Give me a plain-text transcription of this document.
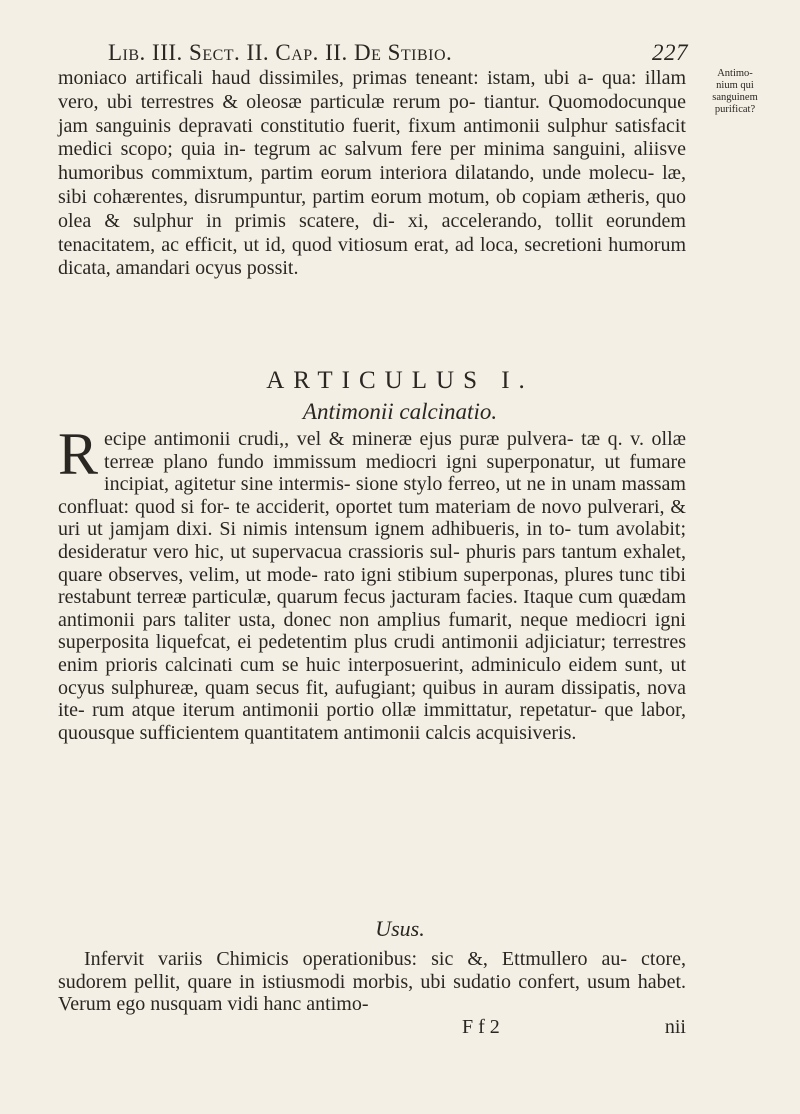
Lib. III. Sect. II. Cap. II. De Stibio.	227

moniaco artificali haud dissimiles, primas teneant: istam, ubi a- qua: illam vero, ubi terrestres & oleosæ particulæ rerum po- tiantur. Quomodocunque jam sanguinis depravati constitutio fuerit, fixum antimonii sulphur satisfacit medici scopo; quia in- tegrum ac salvum fere per minima sanguini, aliisve humoribus commixtum, partim eorum interiora dilatando, unde molecu- læ, sibi cohærentes, disrumpuntur, partim eorum motum, ob copiam ætheris, quo olea & sulphur in primis scatere, di- xi, accelerando, tollit eorundem tenacitatem, ac efficit, ut id, quod vitiosum erat, ad loca, secretioni humorum dicata, amandari ocyus possit.

Antimo-
nium qui
sanguinem
purificat?
ARTICULUS I.
Antimonii calcinatio.
R ecipe antimonii crudi,, vel & mineræ ejus puræ pulvera- tæ q. v. ollæ terreæ plano fundo immissum mediocri igni superponatur, ut fumare incipiat, agitetur sine intermis- sione stylo ferreo, ut ne in unam massam confluat: quod si for- te acciderit, oportet tum materiam de novo pulverari, & uri ut jamjam dixi. Si nimis intensum ignem adhibueris, in to- tum avolabit; desideratur vero hic, ut supervacua crassioris sul- phuris pars tantum exhalet, quare observes, velim, ut mode- rato igni stibium superponas, plures tunc tibi restabunt terreæ particulæ, quarum fecus jacturam facies. Itaque cum quædam antimonii pars taliter usta, donec non amplius fumarit, neque mediocri igni superposita liquefcat, ei pedetentim plus crudi antimonii adjiciatur; terrestres enim prioris calcinati cum se huic interposuerint, adminiculo eidem sunt, ut ocyus sulphureæ, quam secus fit, aufugiant; quibus in auram dissipatis, nova ite- rum atque iterum antimonii portio ollæ immittatur, repetatur- que labor, quousque sufficientem quantitatem antimonii calcis acquisiveris.
Usus.

Infervit variis Chimicis operationibus: sic &, Ettmullero au- ctore, sudorem pellit, quare in istiusmodi morbis, ubi sudatio confert, usum habet. Verum ego nusquam vidi hanc antimo-

F f 2	nii
